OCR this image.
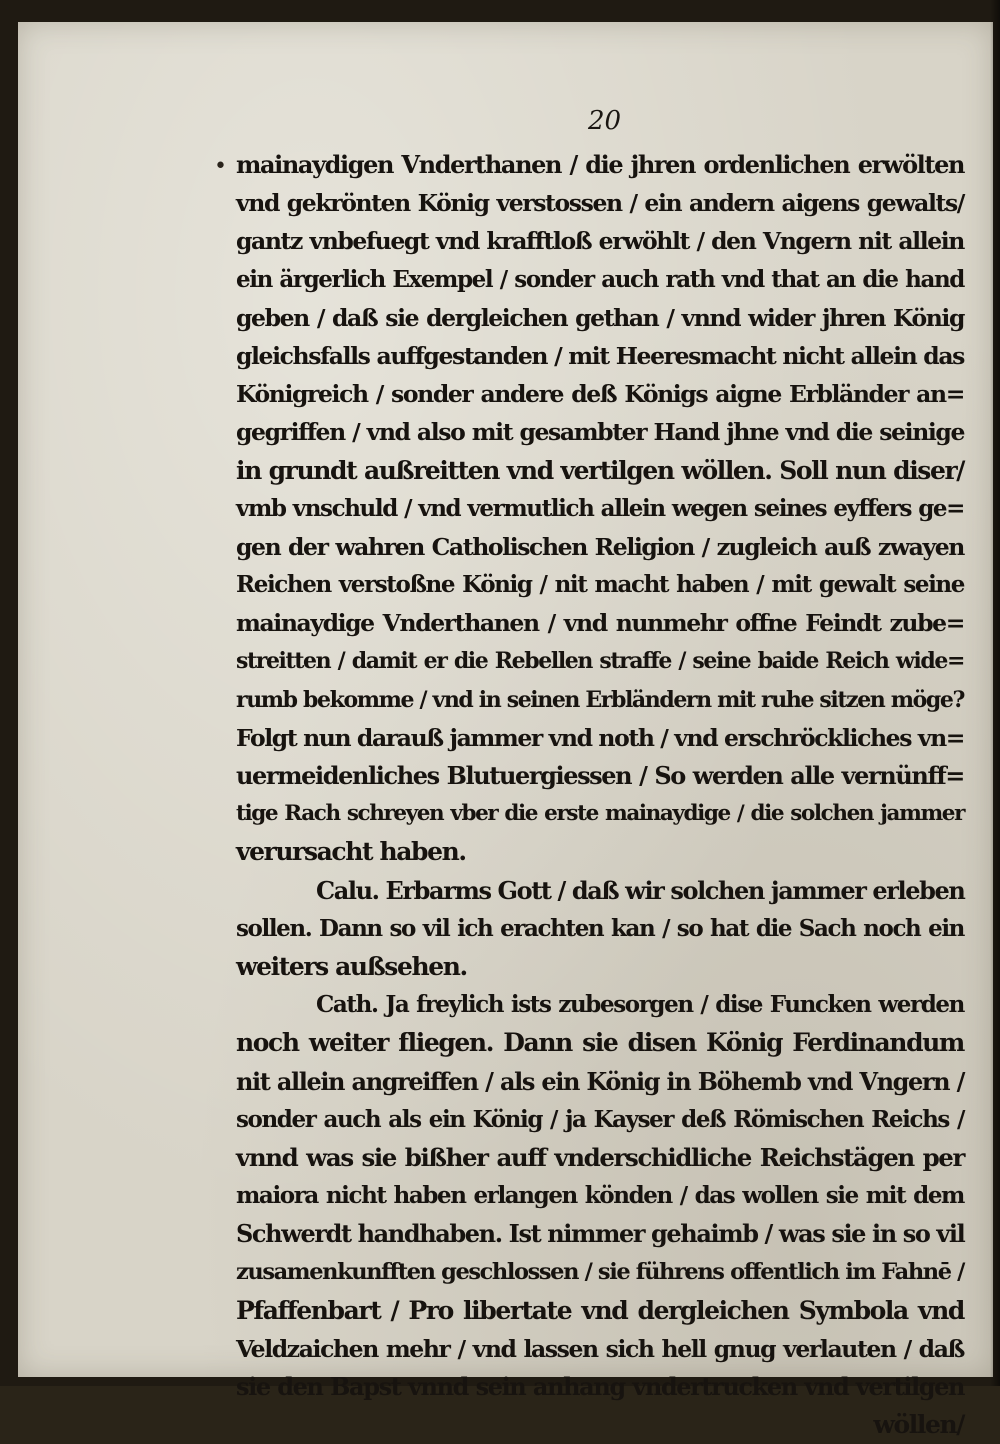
20
• mainaydigen Vnderthanen / die jhren ordenlichen erwölten
vnd gekrönten König verstossen / ein andern aigens gewalts/
gantz vnbefuegt vnd krafftloß erwöhlt / den Vngern nit allein
ein ärgerlich Exempel / sonder auch rath vnd that an die hand
geben / daß sie dergleichen gethan / vnnd wider jhren König
gleichsfalls auffgestanden / mit Heeresmacht nicht allein das
Königreich / sonder andere deß Königs aigne Erbländer an=
gegriffen / vnd also mit gesambter Hand jhne vnd die seinige
in grundt außreitten vnd vertilgen wöllen. Soll nun diser/
vmb vnschuld / vnd vermutlich allein wegen seines eyffers ge=
gen der wahren Catholischen Religion / zugleich auß zwayen
Reichen verstoßne König / nit macht haben / mit gewalt seine
mainaydige Vnderthanen / vnd nunmehr offne Feindt zube=
streitten / damit er die Rebellen straffe / seine baide Reich wide=
rumb bekomme / vnd in seinen Erbländern mit ruhe sitzen möge?
Folgt nun darauß jammer vnd noth / vnd erschröckliches vn=
uermeidenliches Blutuergiessen / So werden alle vernünff=
tige Rach schreyen vber die erste mainaydige / die solchen jammer
verursacht haben.
Calu. Erbarms Gott / daß wir solchen jammer erleben
sollen. Dann so vil ich erachten kan / so hat die Sach noch ein
weiters außsehen.
Cath. Ja freylich ists zubesorgen / dise Funcken werden
noch weiter fliegen. Dann sie disen König Ferdinandum
nit allein angreiffen / als ein König in Böhemb vnd Vngern /
sonder auch als ein König / ja Kayser deß Römischen Reichs /
vnnd was sie bißher auff vnderschidliche Reichstägen per
maiora nicht haben erlangen könden / das wollen sie mit dem
Schwerdt handhaben. Ist nimmer gehaimb / was sie in so vil
zusamenkunfften geschlossen / sie führens offentlich im Fahnē /
Pfaffenbart / Pro libertate vnd dergleichen Symbola vnd
Veldzaichen mehr / vnd lassen sich hell gnug verlauten / daß
sie den Bapst vnnd sein anhang vndertrucken vnd vertilgen
wöllen/
